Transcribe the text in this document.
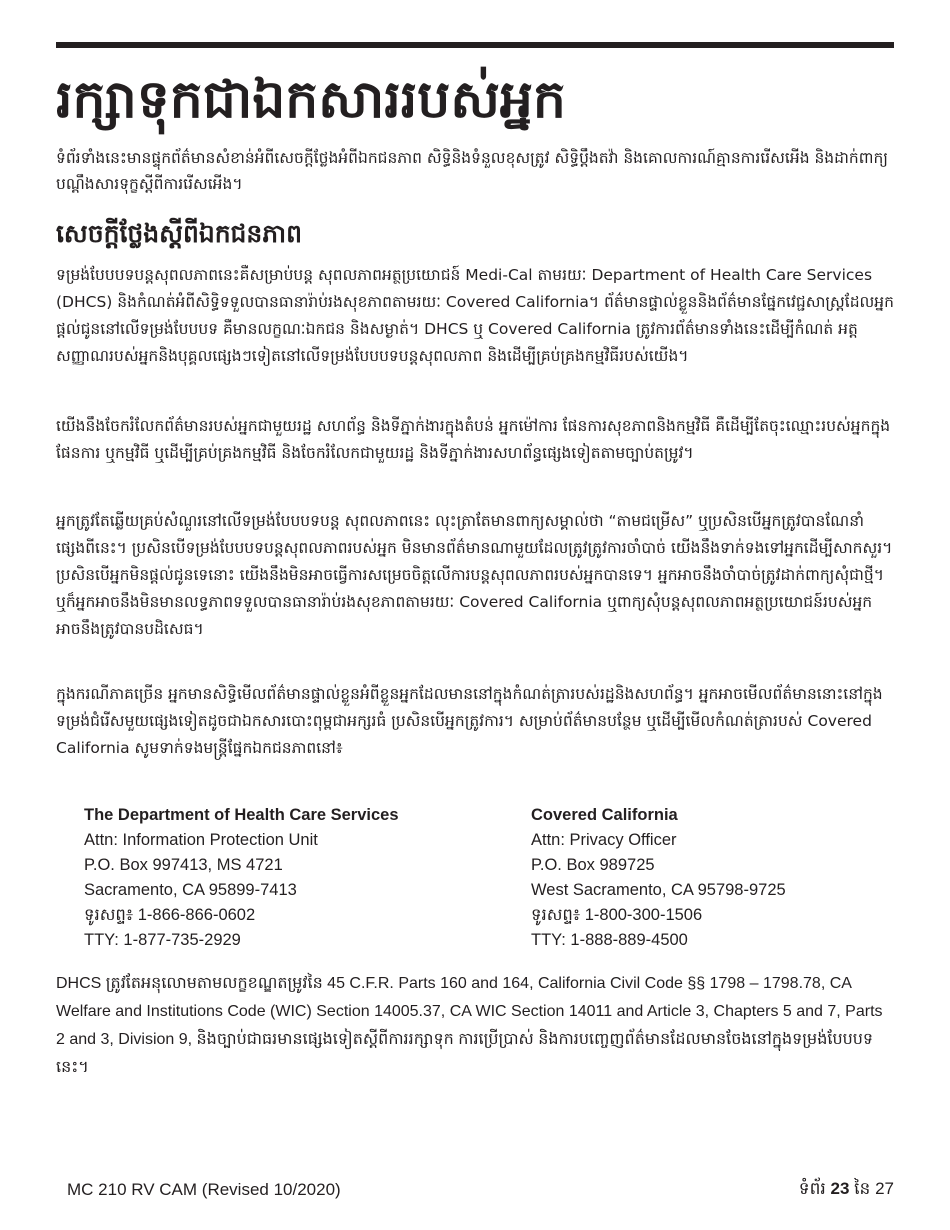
រក្សាទុកជាឯកសាររបស់អ្នក
ទំព័រទាំងនេះមានផ្ទុកព័ត៌មានសំខាន់អំពីសេចក្តីថ្លែងអំពីឯកជនភាព សិទ្ធិនិងទំនួលខុសត្រូវ សិទ្ធិប្តឹងតវ៉ា និងគោលការណ៍គ្មានការរើសអើង និងដាក់ពាក្យបណ្តឹងសារទុក្ខស្តីពីការរើសអើង។
សេចក្តីថ្លែងស្តីពីឯកជនភាព

ទម្រង់បែបបទបន្តសុពលភាពនេះគឺសម្រាប់បន្ត សុពលភាពអត្ថប្រយោជន៍ Medi-Cal តាមរយៈ Department of Health Care Services (DHCS) និងកំណត់អំពីសិទ្ធិទទួលបានធានារ៉ាប់រងសុខភាពតាមរយៈ Covered California។ ព័ត៌មានផ្ទាល់ខ្លួននិងព័ត៌មានផ្នែកវេជ្ជសាស្ត្រដែលអ្នកផ្តល់ជូននៅលើទម្រង់បែបបទ គឺមានលក្ខណៈឯកជន និងសម្ងាត់។ DHCS ឬ Covered California ត្រូវការព័ត៌មានទាំងនេះដើម្បីកំណត់ អត្តសញ្ញាណរបស់អ្នកនិងបុគ្គលផ្សេងៗទៀតនៅលើទម្រង់បែបបទបន្តសុពលភាព និងដើម្បីគ្រប់គ្រងកម្មវិធីរបស់យើង។

យើងនឹងចែករំលែកព័ត៌មានរបស់អ្នកជាមួយរដ្ឋ សហព័ន្ធ និងទីភ្នាក់ងារក្នុងតំបន់ អ្នកម៉ៅការ ផែនការសុខភាពនិងកម្មវិធី គឺដើម្បីតែចុះឈ្មោះរបស់អ្នកក្នុងផែនការ ឬកម្មវិធី ឬដើម្បីគ្រប់គ្រងកម្មវិធី និងចែករំលែកជាមួយរដ្ឋ និងទីភ្នាក់ងារសហព័ន្ធផ្សេងទៀតតាមច្បាប់តម្រូវ។

អ្នកត្រូវតែឆ្លើយគ្រប់សំណួរនៅលើទម្រង់បែបបទបន្ត សុពលភាពនេះ លុះត្រាតែមានពាក្យសម្គាល់ថា “តាមជម្រើស” ឬប្រសិនបើអ្នកត្រូវបានណែនាំផ្សេងពីនេះ។ ប្រសិនបើទម្រង់បែបបទបន្តសុពលភាពរបស់អ្នក មិនមានព័ត៌មានណាមួយដែលត្រូវត្រូវការចាំបាច់ យើងនឹងទាក់ទងទៅអ្នកដើម្បីសាកសួរ។ ប្រសិនបើអ្នកមិនផ្តល់ជូនទេនោះ យើងនឹងមិនអាចធ្វើការសម្រេចចិត្តលើការបន្តសុពលភាពរបស់អ្នកបានទេ។ អ្នកអាចនឹងចាំបាច់ត្រូវដាក់ពាក្យសុំជាថ្មី។ ឬក៏អ្នកអាចនឹងមិនមានលទ្ធភាពទទួលបានធានារ៉ាប់រងសុខភាពតាមរយៈ Covered California ឬពាក្យសុំបន្តសុពលភាពអត្ថប្រយោជន៍របស់អ្នកអាចនឹងត្រូវបានបដិសេធ។

ក្នុងករណីភាគច្រើន អ្នកមានសិទ្ធិមើលព័ត៌មានផ្ទាល់ខ្លួនអំពីខ្លួនអ្នកដែលមាននៅក្នុងកំណត់ត្រារបស់រដ្ឋនិងសហព័ន្ធ។ អ្នកអាចមើលព័ត៌មាននោះនៅក្នុងទម្រង់ជំរើសមួយផ្សេងទៀតដូចជាឯកសារបោះពុម្ពជាអក្សរធំ ប្រសិនបើអ្នកត្រូវការ។ សម្រាប់ព័ត៌មានបន្ថែម ឬដើម្បីមើលកំណត់ត្រារបស់ Covered California សូមទាក់ទងមន្ត្រីផ្នែកឯកជនភាពនៅ៖

The Department of Health Care Services
Attn: Information Protection Unit
P.O. Box 997413, MS 4721
Sacramento, CA 95899-7413
ទូរសព្ទ៖ 1-866-866-0602
TTY: 1-877-735-2929
Covered California
Attn: Privacy Officer
P.O. Box 989725
West Sacramento, CA 95798-9725
ទូរសព្ទ៖ 1-800-300-1506
TTY: 1-888-889-4500

DHCS ត្រូវតែអនុលោមតាមលក្ខខណ្ឌតម្រូវនៃ 45 C.F.R. Parts 160 and 164, California Civil Code §§ 1798 – 1798.78, CA Welfare and Institutions Code (WIC) Section 14005.37, CA WIC Section 14011 and Article 3, Chapters 5 and 7, Parts 2 and 3, Division 9, និងច្បាប់ជាធរមានផ្សេងទៀតស្តីពីការរក្សាទុក ការប្រើប្រាស់ និងការបញ្ចេញព័ត៌មានដែលមានចែងនៅក្នុងទម្រង់បែបបទនេះ។

MC 210 RV CAM (Revised 10/2020)	ទំព័រ 23 នៃ 27
